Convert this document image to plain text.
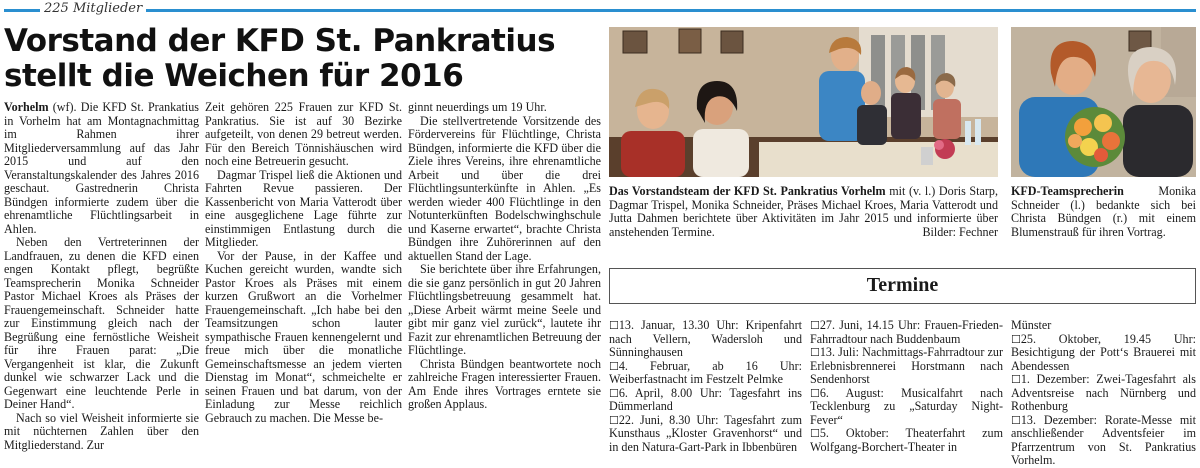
225 Mitglieder
Vorstand der KFD St. Pankratius
stellt die Weichen für 2016

Vorhelm (wf). Die KFD St. Prankatius in Vorhelm hat am Montagnachmittag im Rahmen ihrer Mitgliederversammlung auf das Jahr 2015 und auf den Veranstaltungskalender des Jahres 2016 geschaut. Gastrednerin Christa Bündgen informierte zudem über die ehrenamtliche Flüchtlingsarbeit in Ahlen.

Neben den Vertreterinnen der Landfrauen, zu denen die KFD einen engen Kontakt pflegt, begrüßte Teamsprecherin Monika Schneider Pastor Michael Kroes als Präses der Frauengemeinschaft. Schneider hatte zur Einstimmung gleich nach der Begrüßung eine fernöstliche Weisheit für ihre Frauen parat: „Die Vergangenheit ist klar, die Zukunft dunkel wie schwarzer Lack und die Gegenwart eine leuchtende Perle in Deiner Hand“.

Nach so viel Weisheit informierte sie mit nüchternen Zahlen über den Mitgliederstand. Zur

Zeit gehören 225 Frauen zur KFD St. Pankratius. Sie ist auf 30 Bezirke aufgeteilt, von denen 29 betreut werden. Für den Bereich Tönnishäuschen wird noch eine Betreuerin gesucht.

Dagmar Trispel ließ die Aktionen und Fahrten Revue passieren. Der Kassenbericht von Maria Vatterodt über eine ausgeglichene Lage führte zur einstimmigen Entlastung durch die Mitglieder.

Vor der Pause, in der Kaffee und Kuchen gereicht wurden, wandte sich Pastor Kroes als Präses mit einem kurzen Grußwort an die Vorhelmer Frauengemeinschaft. „Ich habe bei den Teamsitzungen schon lauter sympathische Frauen kennengelernt und freue mich über die monatliche Gemeinschaftsmesse an jedem vierten Dienstag im Monat“, schmeichelte er seinen Frauen und bat darum, von der Einladung zur Messe reichlich Gebrauch zu machen. Die Messe be-

ginnt neuerdings um 19 Uhr.

Die stellvertretende Vorsitzende des Fördervereins für Flüchtlinge, Christa Bündgen, informierte die KFD über die Ziele ihres Vereins, ihre ehrenamtliche Arbeit und über die drei Flüchtlingsunterkünfte in Ahlen. „Es werden wieder 400 Flüchtlinge in den Notunterkünften Bodelschwinghschule und Kaserne erwartet“, brachte Christa Bündgen ihre Zuhörerinnen auf den aktuellen Stand der Lage.

Sie berichtete über ihre Erfahrungen, die sie ganz persönlich in gut 20 Jahren Flüchtlingsbetreuung gesammelt hat. „Diese Arbeit wärmt meine Seele und gibt mir ganz viel zurück“, lautete ihr Fazit zur ehrenamtlichen Betreuung der Flüchtlinge.

Christa Bündgen beantwortete noch zahlreiche Fragen interessierter Frauen. Am Ende ihres Vortrages erntete sie großen Applaus.

Das Vorstandsteam der KFD St. Pankratius Vorhelm mit (v. l.) Doris Starp, Dagmar Trispel, Monika Schneider, Präses Michael Kroes, Maria Vatterodt und Jutta Dahmen berichtete über Aktivitäten im Jahr 2015 und informierte über anstehenden Termine.	Bilder: Fechner
KFD-Teamsprecherin Monika Schneider (l.) bedankte sich bei Christa Bündgen (r.) mit einem Blumenstrauß für ihren Vortrag.
Termine

☐13. Januar, 13.30 Uhr: Kripenfahrt nach Vellern, Wadersloh und Sünninghausen

☐4. Februar, ab 16 Uhr: Weiberfastnacht im Festzelt Pelmke

☐6. April, 8.00 Uhr: Tagesfahrt ins Dümmerland

☐22. Juni, 8.30 Uhr: Tagesfahrt zum Kunsthaus „Kloster Gravenhorst“ und in den Natura-Gart-Park in Ibbenbüren

☐27. Juni, 14.15 Uhr: Frauen-Frieden-Fahrradtour nach Buddenbaum

☐13. Juli: Nachmittags-Fahrradtour zur Erlebnisbrennerei Horstmann nach Sendenhorst

☐6. August: Musicalfahrt nach Tecklenburg zu „Saturday Night-Fever“

☐5. Oktober: Theaterfahrt zum Wolfgang-Borchert-Theater in

Münster

☐25. Oktober, 19.45 Uhr: Besichtigung der Pott‘s Brauerei mit Abendessen

☐1. Dezember: Zwei-Tagesfahrt als Adventsreise nach Nürnberg und Rothenburg

☐13. Dezember: Rorate-Messe mit anschließender Adventsfeier im Pfarrzentrum von St. Pankratius Vorhelm.
